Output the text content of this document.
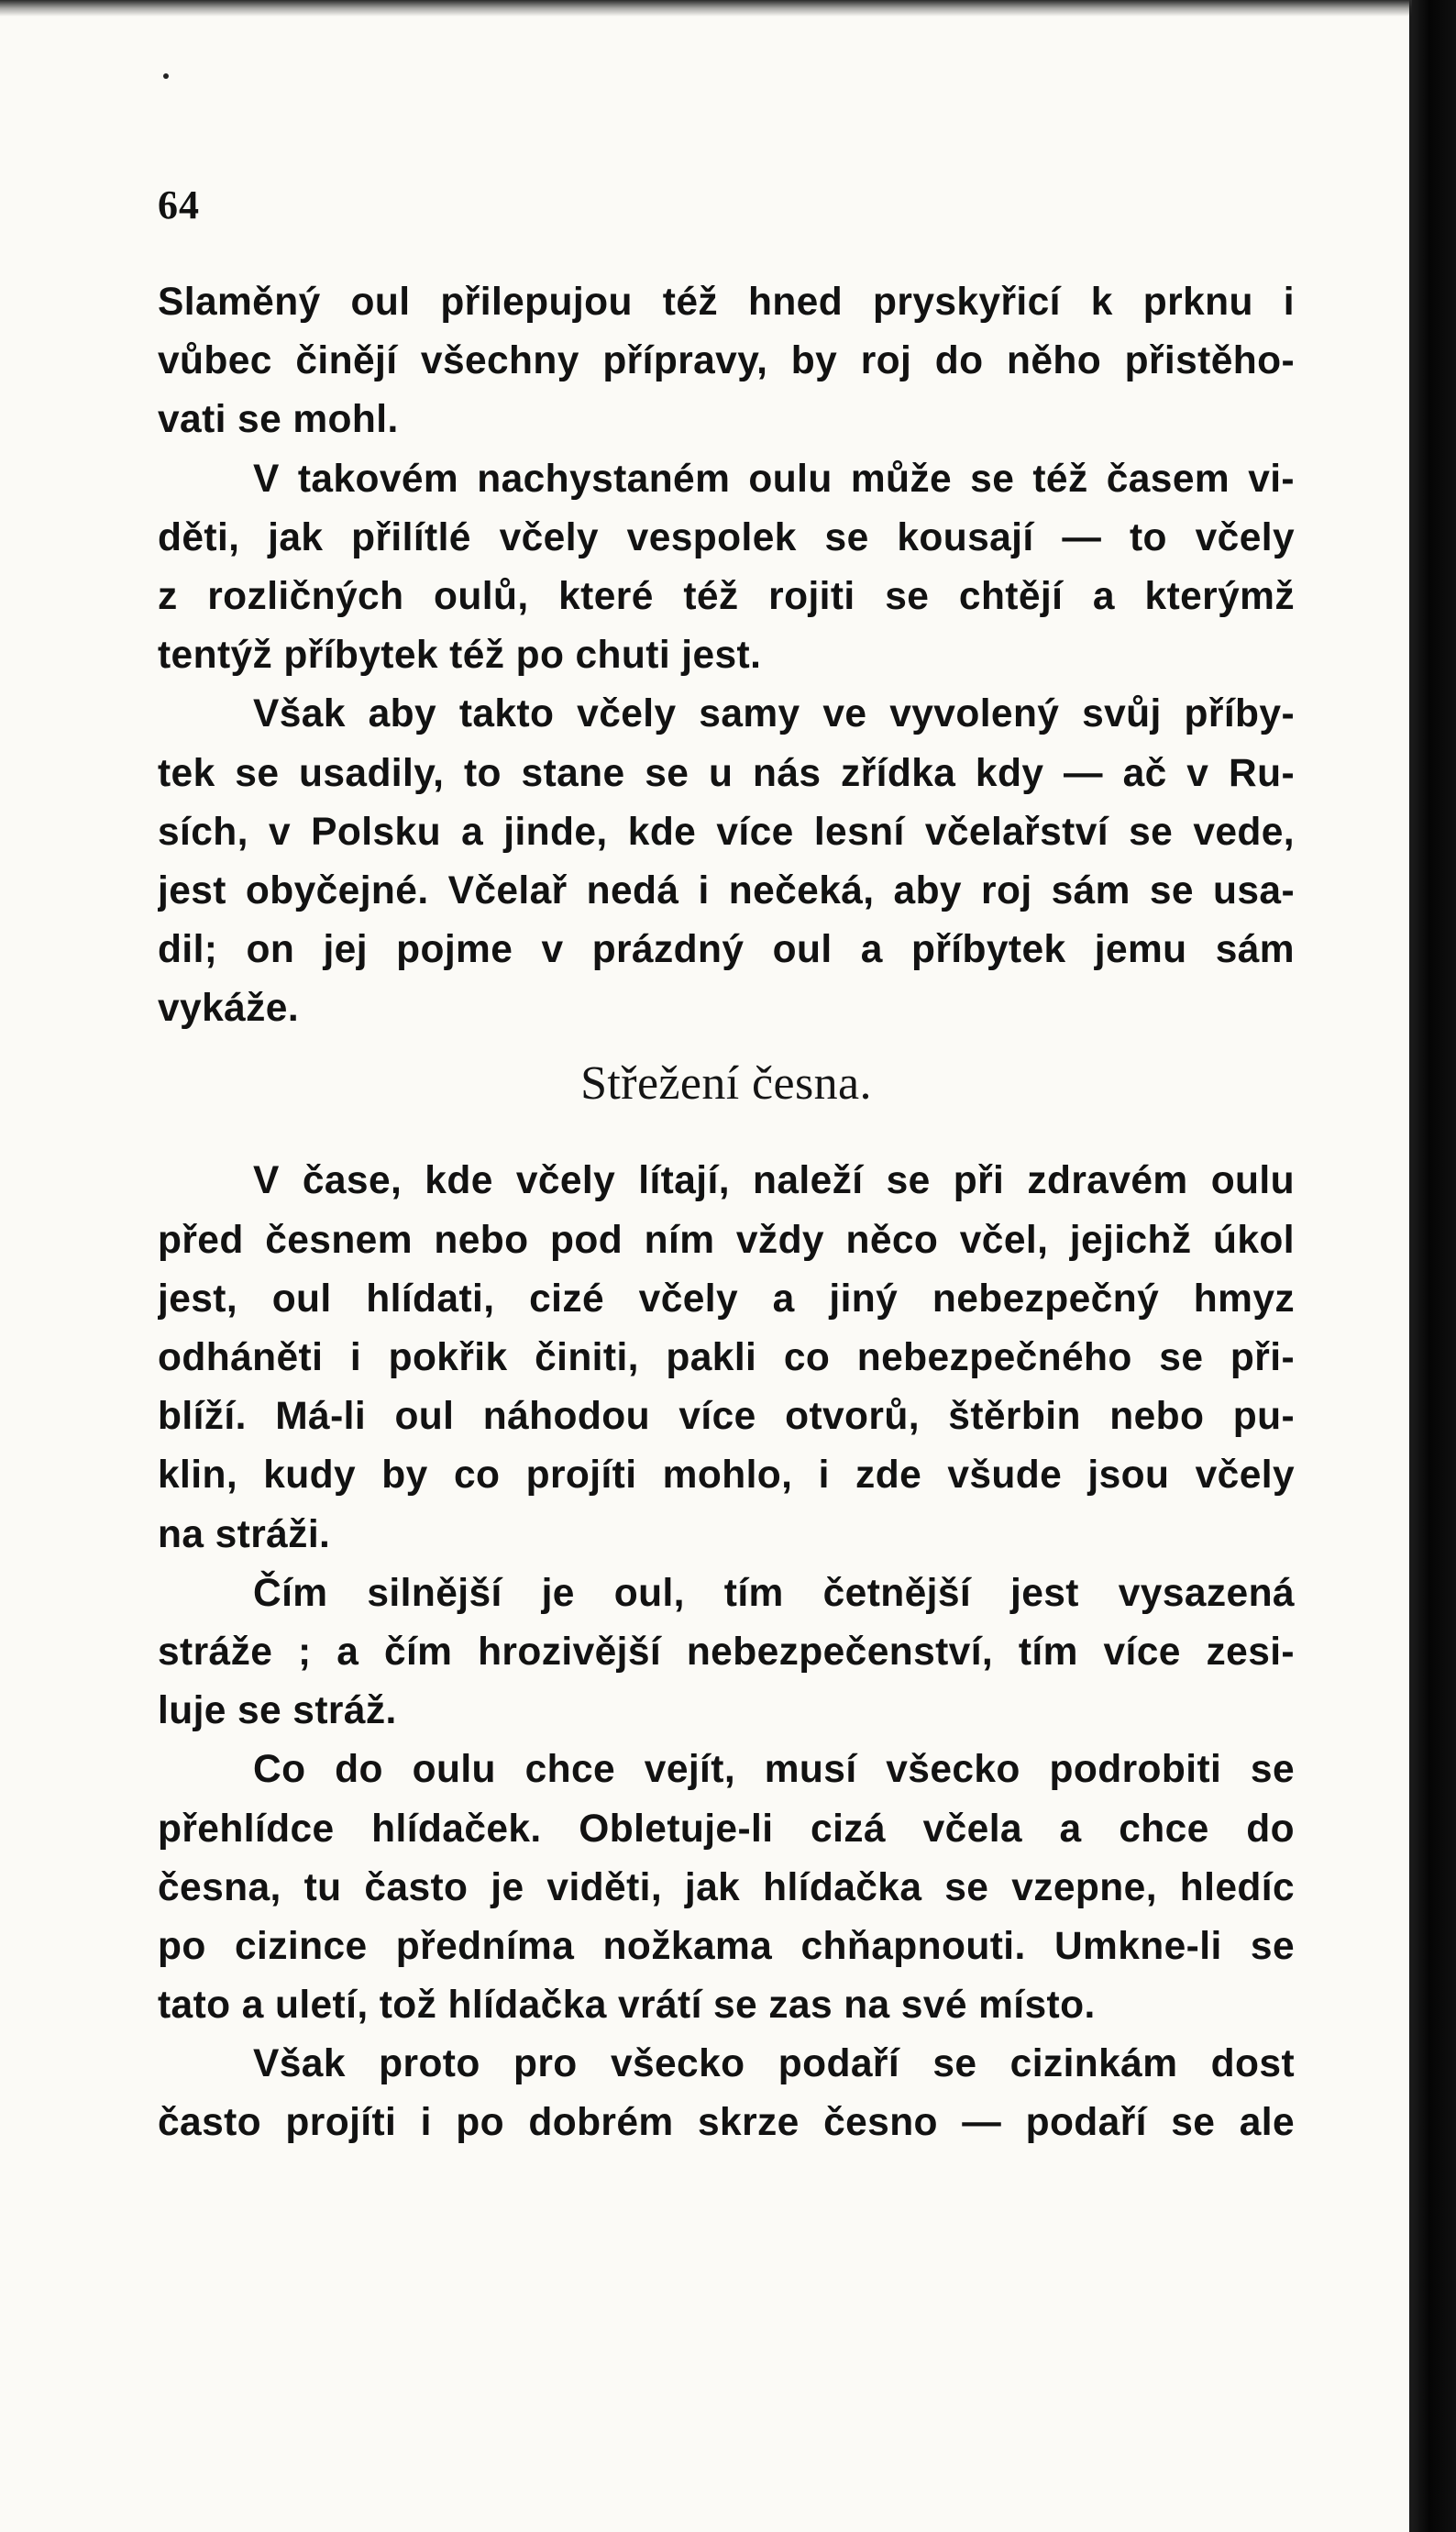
64
Slaměný oul přilepujou též hned pryskyřicí k prknu i
vůbec činějí všechny přípravy, by roj do něho přistěho-
vati se mohl.
V takovém nachystaném oulu může se též časem vi-
děti, jak přilítlé včely vespolek se kousají — to včely
z rozličných oulů, které též rojiti se chtějí a kterýmž
tentýž příbytek též po chuti jest.
Však aby takto včely samy ve vyvolený svůj příby-
tek se usadily, to stane se u nás zřídka kdy — ač v Ru-
sích, v Polsku a jinde, kde více lesní včelařství se vede,
jest obyčejné. Včelař nedá i nečeká, aby roj sám se usa-
dil; on jej pojme v prázdný oul a příbytek jemu sám
vykáže.
Střežení česna.
V čase, kde včely lítají, naleží se při zdravém oulu
před česnem nebo pod ním vždy něco včel, jejichž úkol
jest, oul hlídati, cizé včely a jiný nebezpečný hmyz
odháněti i pokřik činiti, pakli co nebezpečného se při-
blíží. Má-li oul náhodou více otvorů, štěrbin nebo pu-
klin, kudy by co projíti mohlo, i zde všude jsou včely
na stráži.
Čím silnější je oul, tím četnější jest vysazená
stráže ; a čím hrozivější nebezpečenství, tím více zesi-
luje se stráž.
Co do oulu chce vejít, musí všecko podrobiti se
přehlídce hlídaček. Obletuje-li cizá včela a chce do
česna, tu často je viděti, jak hlídačka se vzepne, hledíc
po cizince předníma nožkama chňapnouti. Umkne-li se
tato a uletí, tož hlídačka vrátí se zas na své místo.
Však proto pro všecko podaří se cizinkám dost
často projíti i po dobrém skrze česno — podaří se ale
